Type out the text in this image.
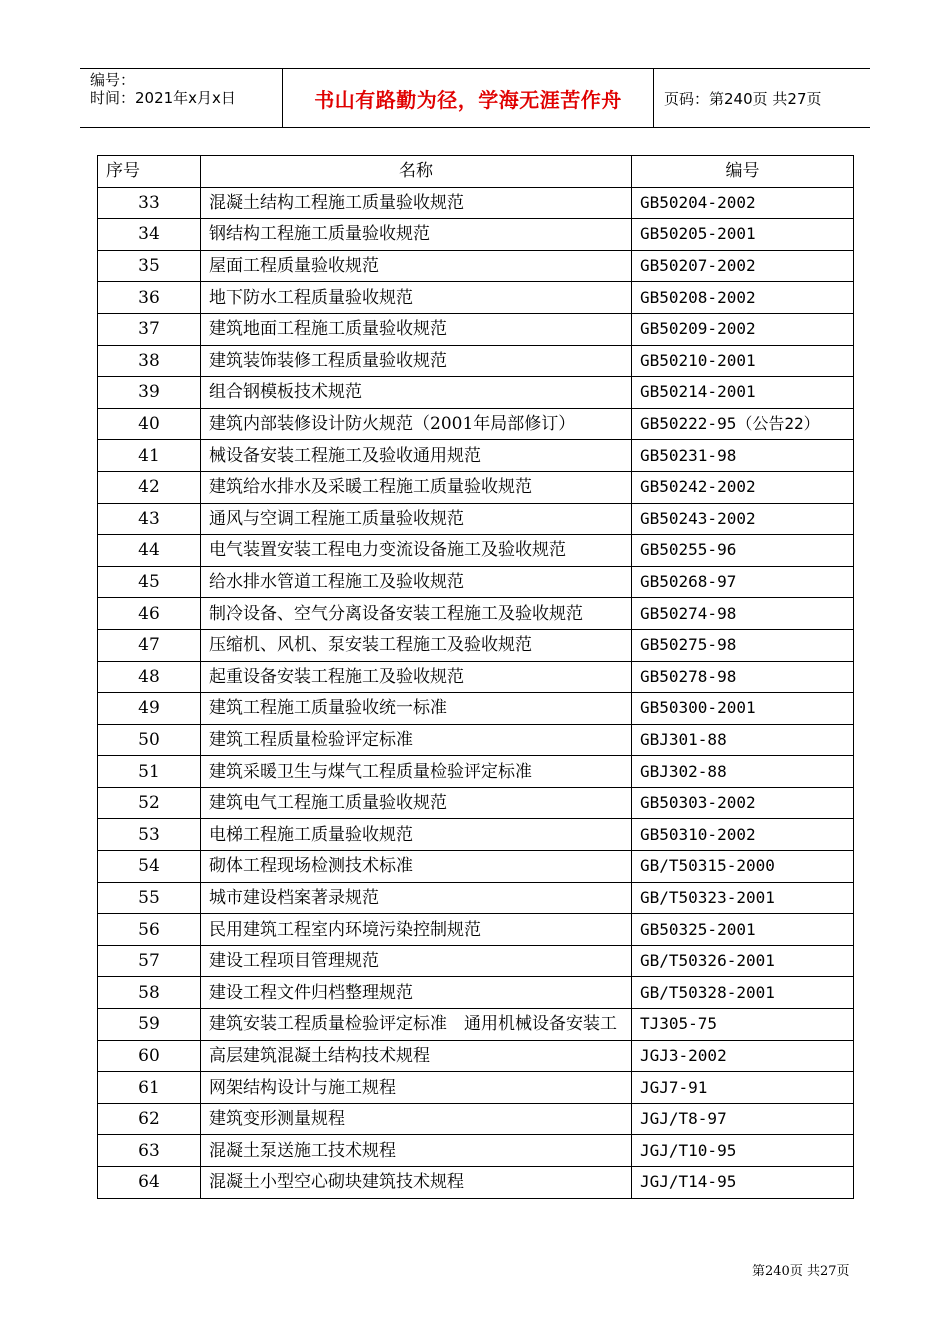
编号：
时间：2021年x月x日	书山有路勤为径，学海无涯苦作舟	页码：第240页 共27页
序号	名称	编号
33	混凝土结构工程施工质量验收规范	GB50204-2002
34	钢结构工程施工质量验收规范	GB50205-2001
35	屋面工程质量验收规范	GB50207-2002
36	地下防水工程质量验收规范	GB50208-2002
37	建筑地面工程施工质量验收规范	GB50209-2002
38	建筑装饰装修工程质量验收规范	GB50210-2001
39	组合钢模板技术规范	GB50214-2001
40	建筑内部装修设计防火规范（2001年局部修订）	GB50222-95（公告22）
41	械设备安装工程施工及验收通用规范	GB50231-98
42	建筑给水排水及采暖工程施工质量验收规范	GB50242-2002
43	通风与空调工程施工质量验收规范	GB50243-2002
44	电气装置安装工程电力变流设备施工及验收规范	GB50255-96
45	给水排水管道工程施工及验收规范	GB50268-97
46	制冷设备、空气分离设备安装工程施工及验收规范	GB50274-98
47	压缩机、风机、泵安装工程施工及验收规范	GB50275-98
48	起重设备安装工程施工及验收规范	GB50278-98
49	建筑工程施工质量验收统一标准	GB50300-2001
50	建筑工程质量检验评定标准	GBJ301-88
51	建筑采暖卫生与煤气工程质量检验评定标准	GBJ302-88
52	建筑电气工程施工质量验收规范	GB50303-2002
53	电梯工程施工质量验收规范	GB50310-2002
54	砌体工程现场检测技术标准	GB/T50315-2000
55	城市建设档案著录规范	GB/T50323-2001
56	民用建筑工程室内环境污染控制规范	GB50325-2001
57	建设工程项目管理规范	GB/T50326-2001
58	建设工程文件归档整理规范	GB/T50328-2001
59	建筑安装工程质量检验评定标准　通用机械设备安装工	TJ305-75
60	高层建筑混凝土结构技术规程	JGJ3-2002
61	网架结构设计与施工规程	JGJ7-91
62	建筑变形测量规程	JGJ/T8-97
63	混凝土泵送施工技术规程	JGJ/T10-95
64	混凝土小型空心砌块建筑技术规程	JGJ/T14-95
第240页 共27页
